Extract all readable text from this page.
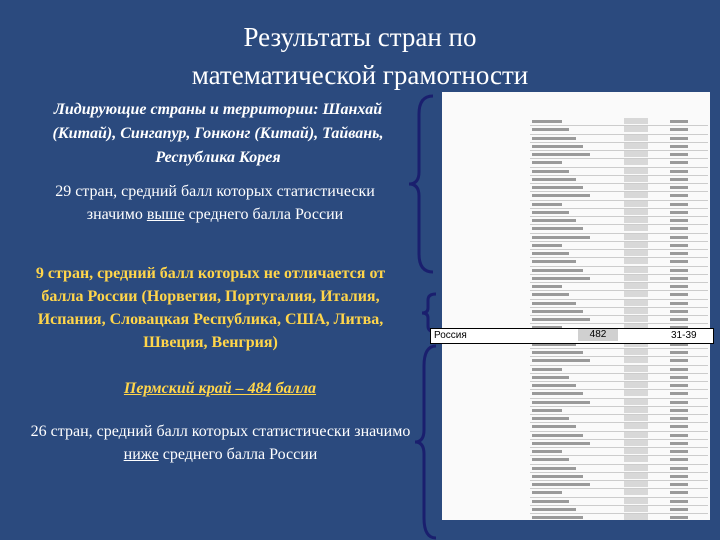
Результаты стран по математической грамотности
Лидирующие страны и территории: Шанхай (Китай), Сингапур, Гонконг (Китай), Тайвань, Республика Корея
29 стран, средний балл которых статистически значимо выше среднего балла России
9 стран, средний балл которых не отличается от балла России (Норвегия, Португалия, Италия, Испания, Словацкая Республика, США, Литва, Швеция, Венгрия)
Пермский край – 484 балла
26 стран, средний балл которых статистически значимо ниже среднего балла России
Россия	482	31-39
